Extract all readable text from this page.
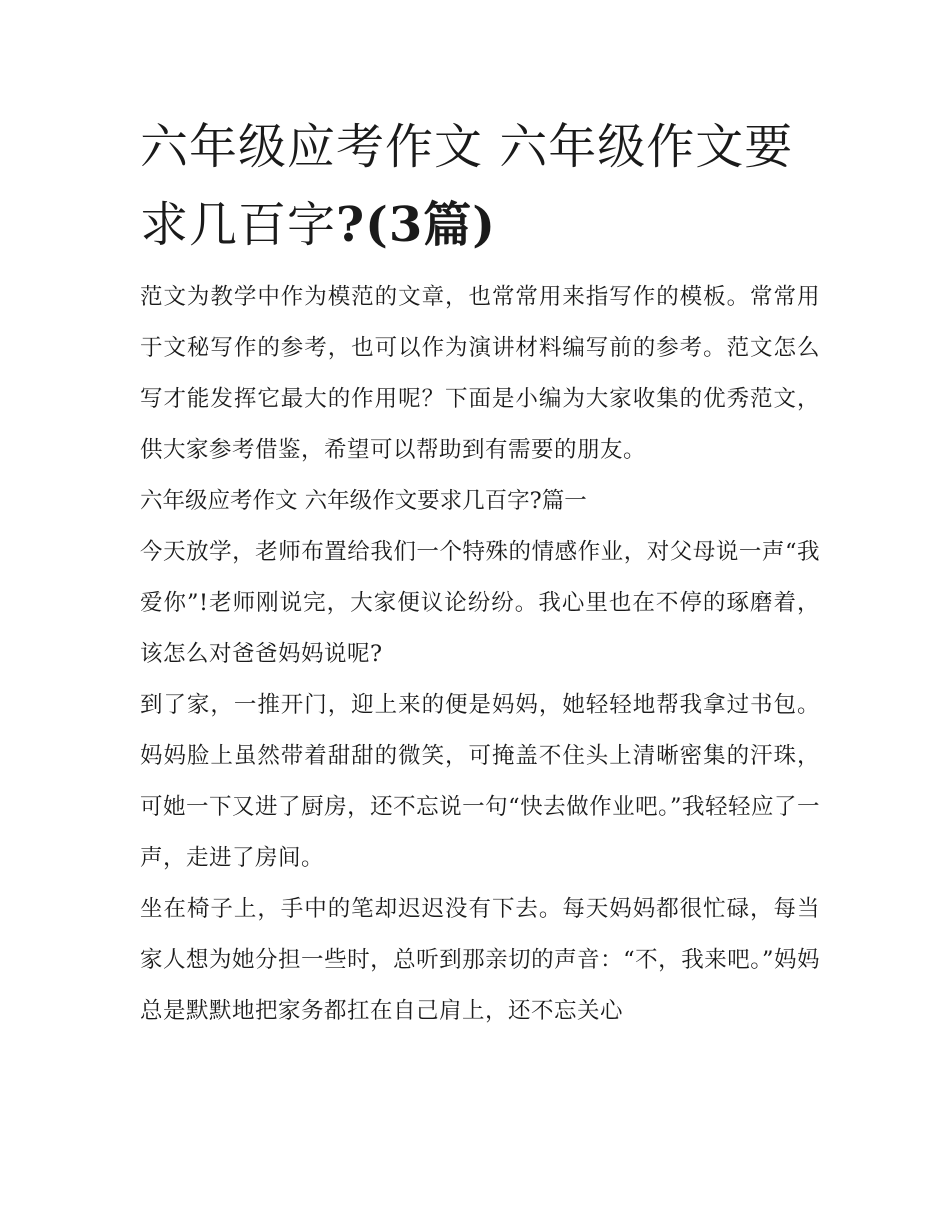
六年级应考作文 六年级作文要求几百字?(3篇)

范文为教学中作为模范的文章，也常常用来指写作的模板。常常用于文秘写作的参考，也可以作为演讲材料编写前的参考。范文怎么写才能发挥它最大的作用呢？下面是小编为大家收集的优秀范文，供大家参考借鉴，希望可以帮助到有需要的朋友。

六年级应考作文 六年级作文要求几百字?篇一

今天放学，老师布置给我们一个特殊的情感作业，对父母说一声“我爱你”!老师刚说完，大家便议论纷纷。我心里也在不停的琢磨着，该怎么对爸爸妈妈说呢?

到了家，一推开门，迎上来的便是妈妈，她轻轻地帮我拿过书包。妈妈脸上虽然带着甜甜的微笑，可掩盖不住头上清晰密集的汗珠，可她一下又进了厨房，还不忘说一句“快去做作业吧。”我轻轻应了一声，走进了房间。

坐在椅子上，手中的笔却迟迟没有下去。每天妈妈都很忙碌，每当家人想为她分担一些时，总听到那亲切的声音：“不，我来吧。”妈妈总是默默地把家务都扛在自己肩上，还不忘关心
